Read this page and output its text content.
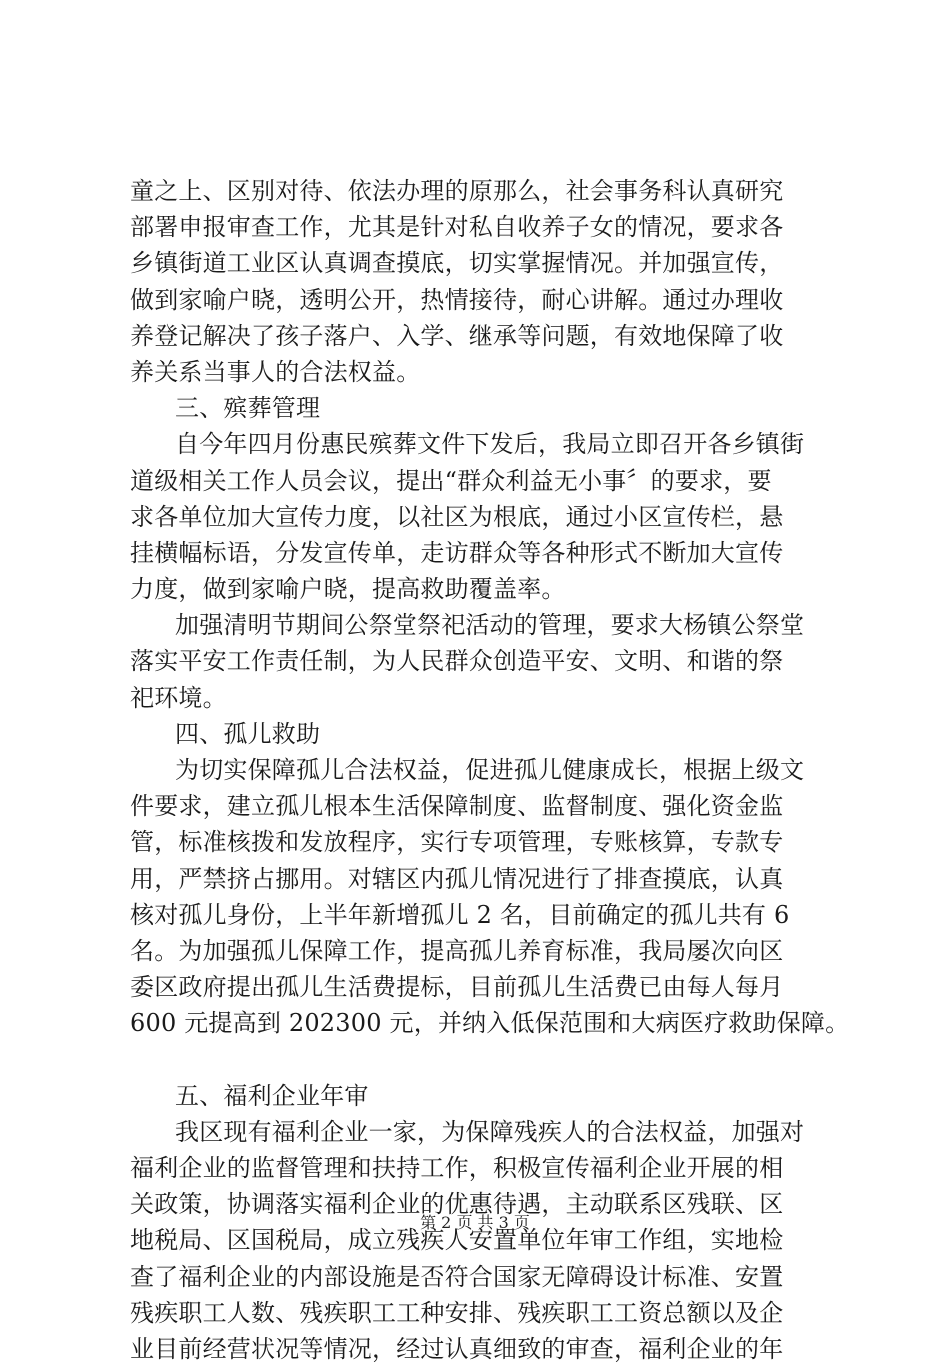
童之上、区别对待、依法办理的原那么，社会事务科认真研究
部署申报审查工作，尤其是针对私自收养子女的情况，要求各
乡镇街道工业区认真调查摸底，切实掌握情况。并加强宣传，
做到家喻户晓，透明公开，热情接待，耐心讲解。通过办理收
养登记解决了孩子落户、入学、继承等问题，有效地保障了收
养关系当事人的合法权益。
三、殡葬管理
自今年四月份惠民殡葬文件下发后，我局立即召开各乡镇街
道级相关工作人员会议，提出“群众利益无小事〞的要求，要
求各单位加大宣传力度，以社区为根底，通过小区宣传栏，悬
挂横幅标语，分发宣传单，走访群众等各种形式不断加大宣传
力度，做到家喻户晓，提高救助覆盖率。
加强清明节期间公祭堂祭祀活动的管理，要求大杨镇公祭堂
落实平安工作责任制，为人民群众创造平安、文明、和谐的祭
祀环境。
四、孤儿救助
为切实保障孤儿合法权益，促进孤儿健康成长，根据上级文
件要求，建立孤儿根本生活保障制度、监督制度、强化资金监
管，标准核拨和发放程序，实行专项管理，专账核算，专款专
用，严禁挤占挪用。对辖区内孤儿情况进行了排查摸底，认真
核对孤儿身份，上半年新增孤儿 2 名，目前确定的孤儿共有 6
名。为加强孤儿保障工作，提高孤儿养育标准，我局屡次向区
委区政府提出孤儿生活费提标，目前孤儿生活费已由每人每月
600 元提高到 202300 元，并纳入低保范围和大病医疗救助保障。
五、福利企业年审
我区现有福利企业一家，为保障残疾人的合法权益，加强对
福利企业的监督管理和扶持工作，积极宣传福利企业开展的相
关政策，协调落实福利企业的优惠待遇，主动联系区残联、区
地税局、区国税局，成立残疾人安置单位年审工作组，实地检
查了福利企业的内部设施是否符合国家无障碍设计标准、安置
残疾职工人数、残疾职工工种安排、残疾职工工资总额以及企
业目前经营状况等情况，经过认真细致的审查，福利企业的年
第 2 页 共 3 页
